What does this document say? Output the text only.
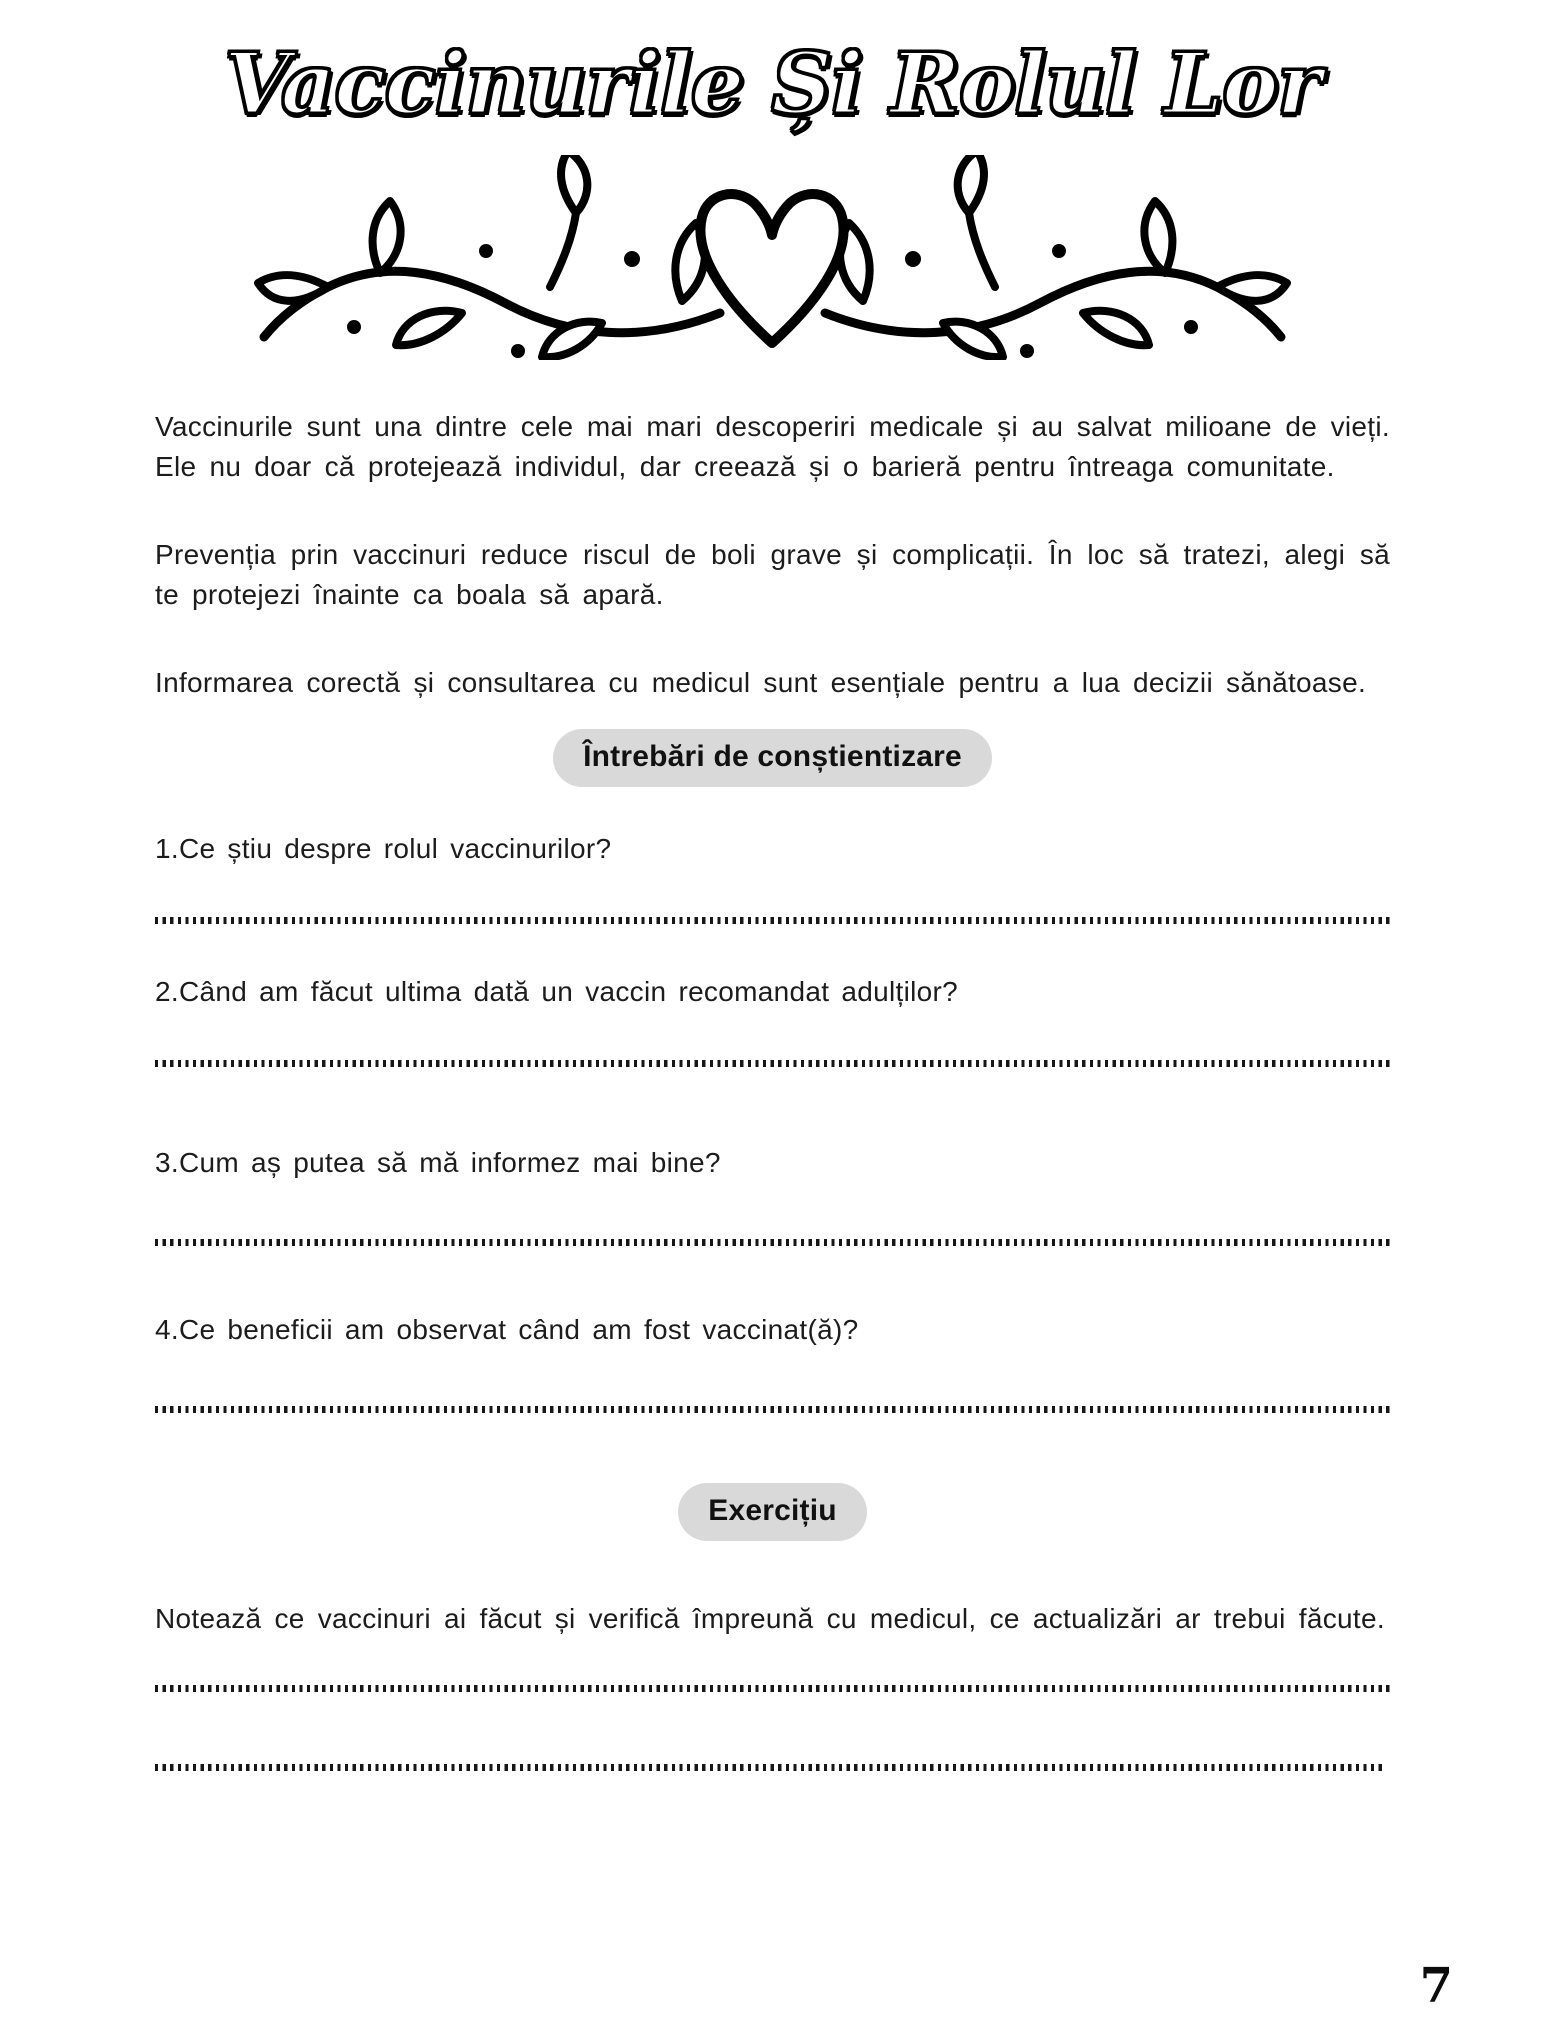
Vaccinurile Și Rolul Lor

Vaccinurile sunt una dintre cele mai mari descoperiri medicale și au salvat milioane de vieți. Ele nu doar că protejează individul, dar creează și o barieră pentru întreaga comunitate.

Prevenția prin vaccinuri reduce riscul de boli grave și complicații. În loc să tratezi, alegi să te protejezi înainte ca boala să apară.

Informarea corectă și consultarea cu medicul sunt esențiale pentru a lua decizii sănătoase.

Întrebări de conștientizare

1.Ce știu despre rolul vaccinurilor?

2.Când am făcut ultima dată un vaccin recomandat adulților?

3.Cum aș putea să mă informez mai bine?

4.Ce beneficii am observat când am fost vaccinat(ă)?

Exercițiu

Notează ce vaccinuri ai făcut și verifică împreună cu medicul, ce actualizări ar trebui făcute.

7
